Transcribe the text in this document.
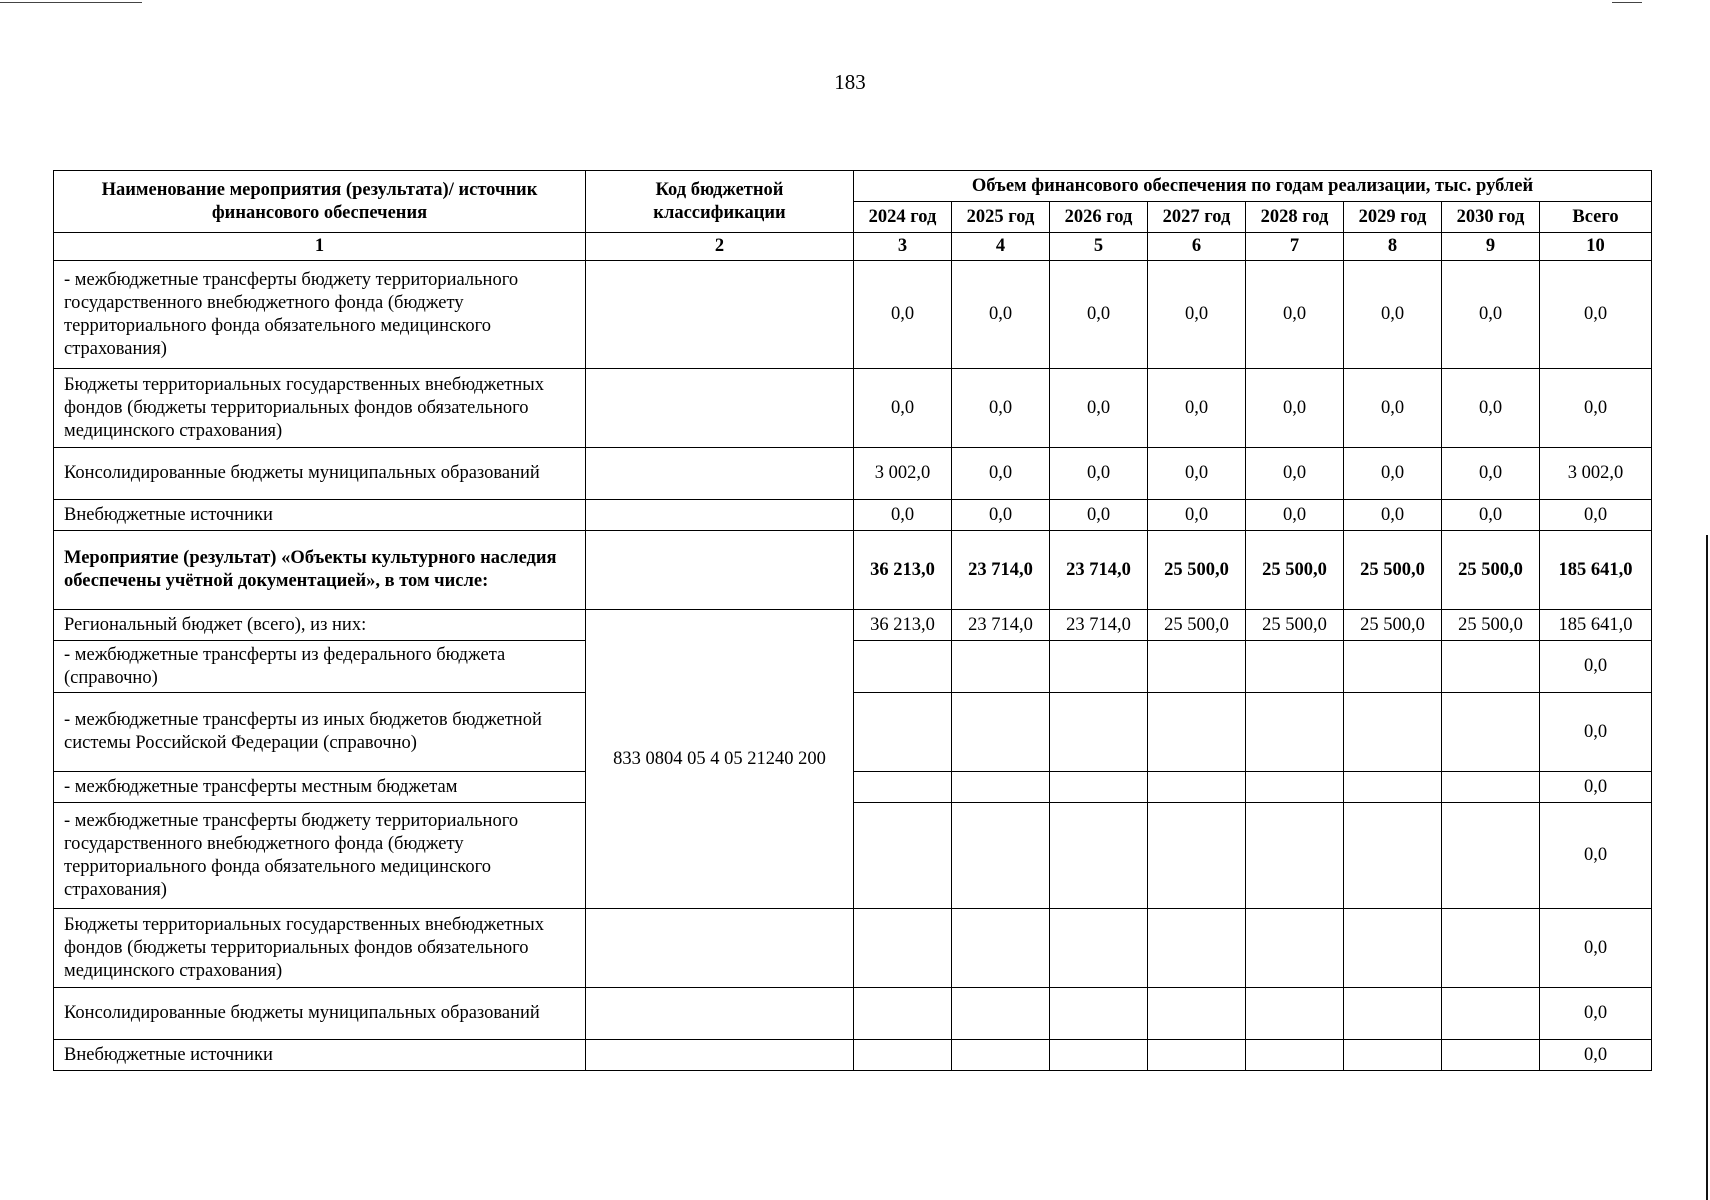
183
Наименование мероприятия (результата)/ источник финансового обеспечения	Код бюджетной классификации	Объем финансового обеспечения по годам реализации, тыс. рублей							
		2024 год	2025 год	2026 год	2027 год	2028 год	2029 год	2030 год	Всего
1	2	3	4	5	6	7	8	9	10
- межбюджетные трансферты бюджету территориального государственного внебюджетного фонда (бюджету территориального фонда обязательного медицинского страхования)		0,0	0,0	0,0	0,0	0,0	0,0	0,0	0,0
Бюджеты территориальных государственных внебюджетных фондов (бюджеты территориальных фондов обязательного медицинского страхования)		0,0	0,0	0,0	0,0	0,0	0,0	0,0	0,0
Консолидированные бюджеты муниципальных образований		3 002,0	0,0	0,0	0,0	0,0	0,0	0,0	3 002,0
Внебюджетные источники		0,0	0,0	0,0	0,0	0,0	0,0	0,0	0,0
Мероприятие (результат) «Объекты культурного наследия обеспечены учётной документацией», в том числе:		36 213,0	23 714,0	23 714,0	25 500,0	25 500,0	25 500,0	25 500,0	185 641,0
Региональный бюджет (всего), из них:	833 0804 05 4 05 21240 200	36 213,0	23 714,0	23 714,0	25 500,0	25 500,0	25 500,0	25 500,0	185 641,0
- межбюджетные трансферты из федерального бюджета (справочно)									0,0
- межбюджетные трансферты из иных бюджетов бюджетной системы Российской Федерации (справочно)									0,0
- межбюджетные трансферты местным бюджетам									0,0
- межбюджетные трансферты бюджету территориального государственного внебюджетного фонда (бюджету территориального фонда обязательного медицинского страхования)									0,0
Бюджеты территориальных государственных внебюджетных фондов (бюджеты территориальных фондов обязательного медицинского страхования)									0,0
Консолидированные бюджеты муниципальных образований									0,0
Внебюджетные источники									0,0
